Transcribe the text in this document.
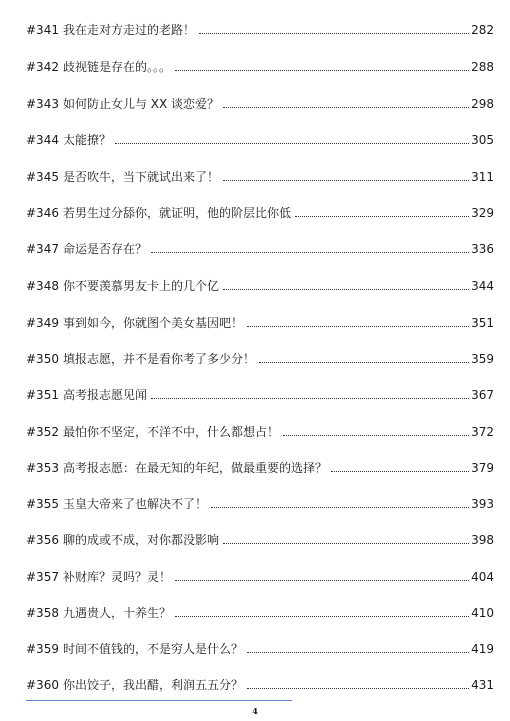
#341 我在走对方走过的老路！	282
#342 歧视链是存在的。。。	288
#343 如何防止女儿与 XX 谈恋爱？	298
#344 太能撩？	305
#345 是否吹牛，当下就试出来了！	311
#346 若男生过分舔你，就证明，他的阶层比你低	329
#347 命运是否存在？	336
#348 你不要羡慕男友卡上的几个亿	344
#349 事到如今，你就图个美女基因吧！	351
#350 填报志愿，并不是看你考了多少分！	359
#351 高考报志愿见闻	367
#352 最怕你不坚定，不洋不中，什么都想占！	372
#353 高考报志愿：在最无知的年纪，做最重要的选择？	379
#355 玉皇大帝来了也解决不了！	393
#356 聊的成或不成，对你都没影响	398
#357 补财库？灵吗？灵！	404
#358 九遇贵人，十养生？	410
#359 时间不值钱的，不是穷人是什么？	419
#360 你出饺子，我出醋，利润五五分？	431
4
